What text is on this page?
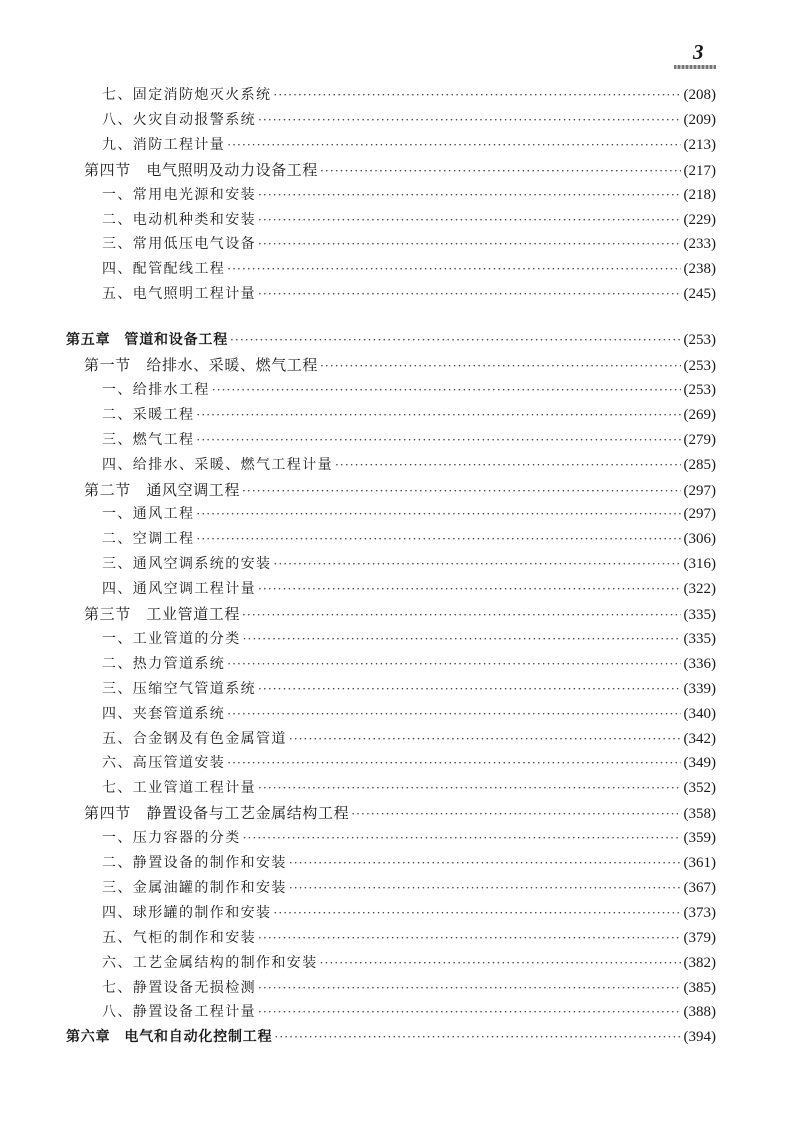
3
七、固定消防炮灭火系统 ·····	(208)
八、火灾自动报警系统 ·····	(209)
九、消防工程计量 ·····	(213)
第四节　电气照明及动力设备工程 ·····	(217)
一、常用电光源和安装 ·····	(218)
二、电动机种类和安装 ·····	(229)
三、常用低压电气设备 ·····	(233)
四、配管配线工程 ·····	(238)
五、电气照明工程计量 ·····	(245)
第五章 管道和设备工程 ·····	(253)
第一节　给排水、采暖、燃气工程 ·····	(253)
一、给排水工程 ·····	(253)
二、采暖工程 ·····	(269)
三、燃气工程 ·····	(279)
四、给排水、采暖、燃气工程计量 ·····	(285)
第二节　通风空调工程 ·····	(297)
一、通风工程 ·····	(297)
二、空调工程 ·····	(306)
三、通风空调系统的安装 ·····	(316)
四、通风空调工程计量 ·····	(322)
第三节　工业管道工程 ·····	(335)
一、工业管道的分类 ·····	(335)
二、热力管道系统 ·····	(336)
三、压缩空气管道系统 ·····	(339)
四、夹套管道系统 ·····	(340)
五、合金钢及有色金属管道 ·····	(342)
六、高压管道安装 ·····	(349)
七、工业管道工程计量 ·····	(352)
第四节　静置设备与工艺金属结构工程 ·····	(358)
一、压力容器的分类 ·····	(359)
二、静置设备的制作和安装 ·····	(361)
三、金属油罐的制作和安装 ·····	(367)
四、球形罐的制作和安装 ·····	(373)
五、气柜的制作和安装 ·····	(379)
六、工艺金属结构的制作和安装 ·····	(382)
七、静置设备无损检测 ·····	(385)
八、静置设备工程计量 ·····	(388)
第六章 电气和自动化控制工程 ·····	(394)
